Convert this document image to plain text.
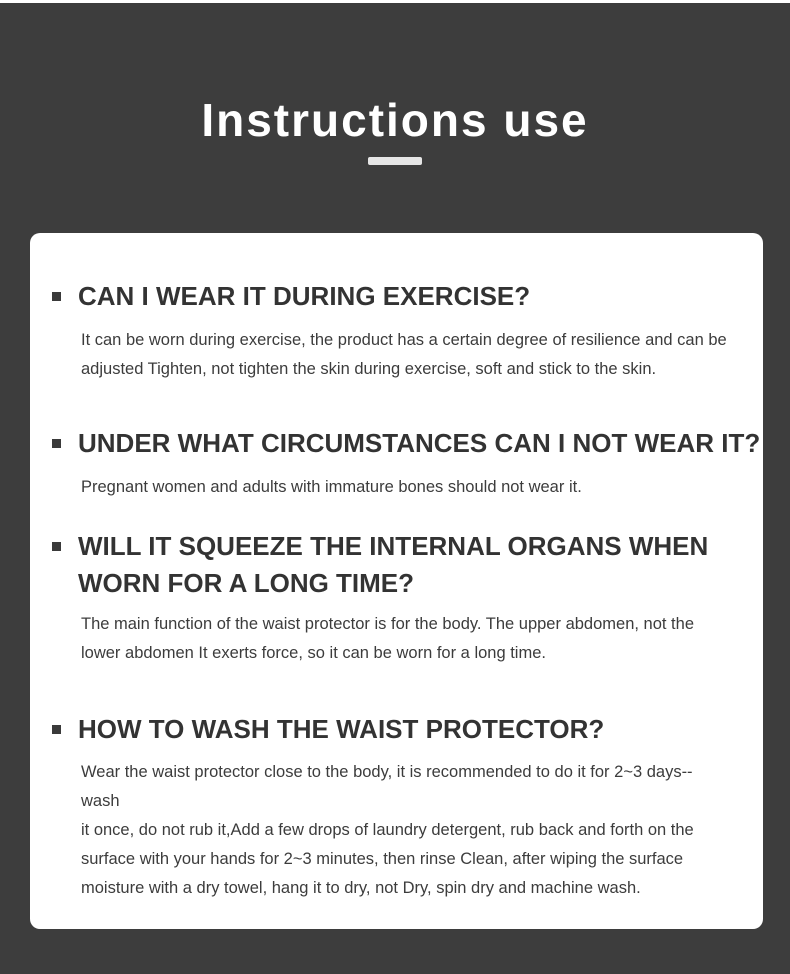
Instructions use
CAN I WEAR IT DURING EXERCISE?
It can be worn during exercise, the product has a certain degree of resilience and can be
adjusted Tighten, not tighten the skin during exercise, soft and stick to the skin.
UNDER WHAT CIRCUMSTANCES CAN I NOT WEAR IT?
Pregnant women and adults with immature bones should not wear it.
WILL IT SQUEEZE THE INTERNAL ORGANS WHEN
WORN FOR A LONG TIME?
The main function of the waist protector is for the body. The upper abdomen, not the
lower abdomen It exerts force, so it can be worn for a long time.
HOW TO WASH THE WAIST PROTECTOR?
Wear the waist protector close to the body, it is recommended to do it for 2~3 days--wash
it once, do not rub it,Add a few drops of laundry detergent, rub back and forth on the
surface with your hands for 2~3 minutes, then rinse Clean, after wiping the surface
moisture with a dry towel, hang it to dry, not Dry, spin dry and machine wash.
